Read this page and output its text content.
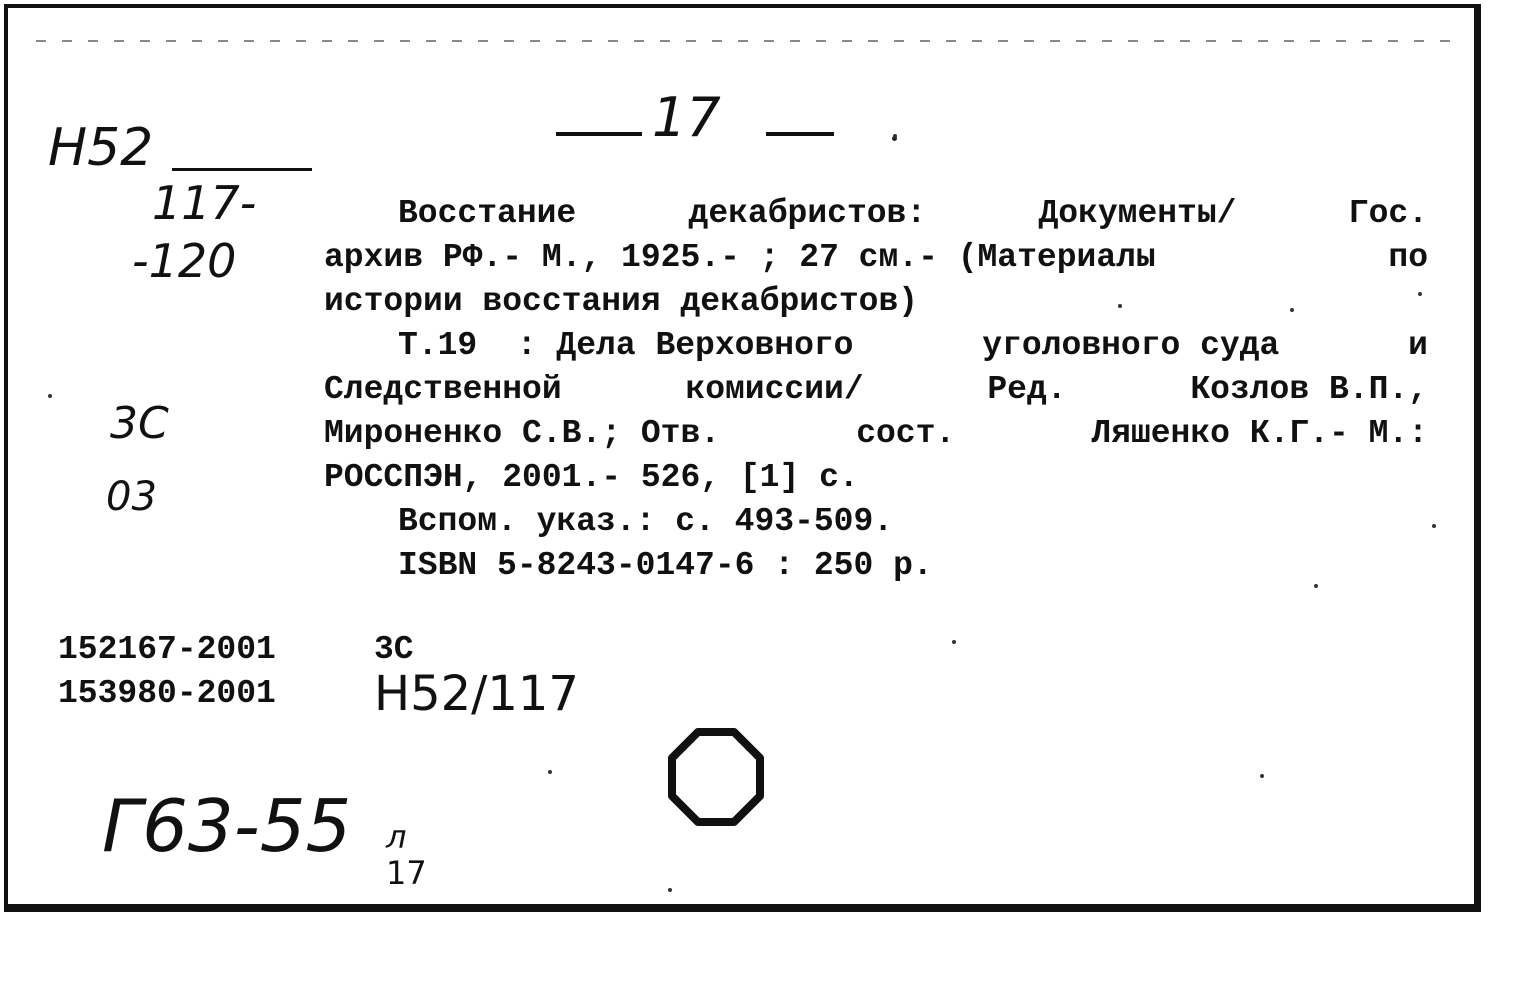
17
Н52
117-
-120
3С
03
Восстание	декабристов:	Документы/	Гос.
архив РФ.- М., 1925.- ; 27 см.- (Материалы	по
истории восстания декабристов)
Т.19  : Дела Верховного	уголовного суда	и
Следственной	комиссии/	Ред.	Козлов В.П.,
Мироненко С.В.; Отв.	сост.	Ляшенко К.Г.- М.:
РОССПЭН, 2001.- 526, [1] с.
Вспом. указ.: с. 493-509.
ISBN 5-8243-0147-6 : 250 р.
152167-2001	3С
153980-2001 Н52/117
Г63-55 л
17
